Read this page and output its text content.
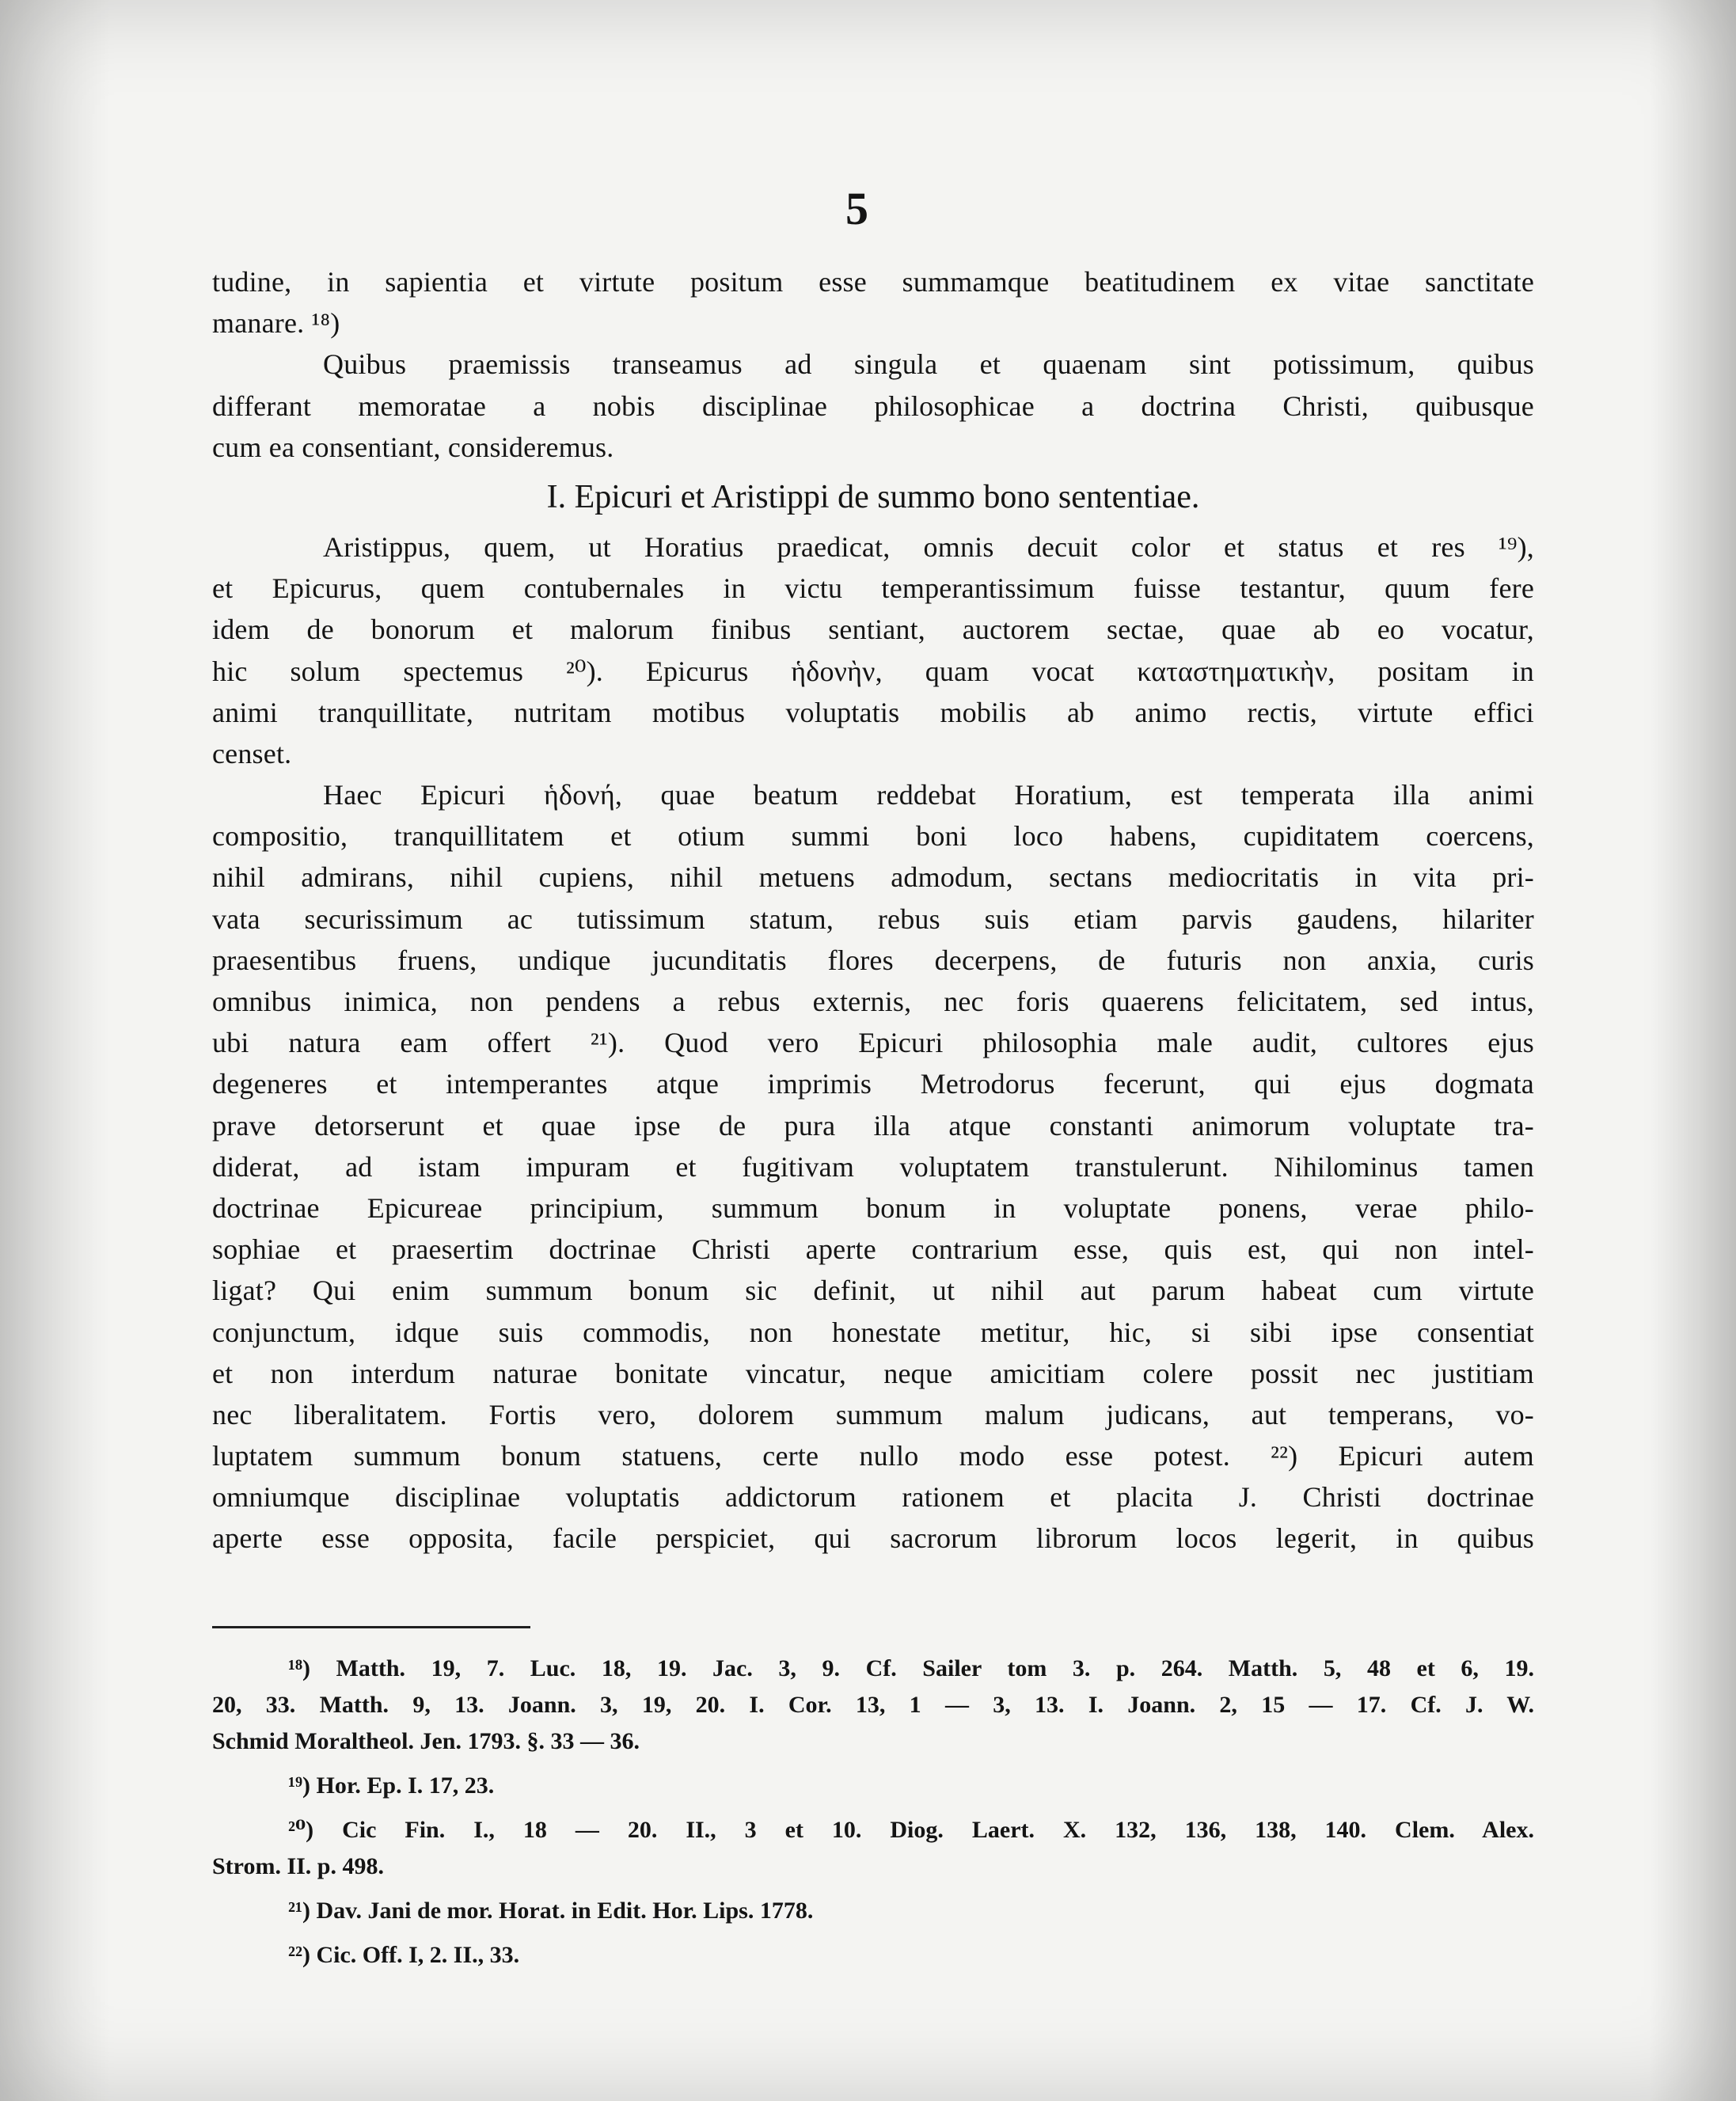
5
tudine, in sapientia et virtute positum esse summamque beatitudinem ex vitae sanctitate
manare. ¹⁸)
Quibus praemissis transeamus ad singula et quaenam sint potissimum, quibus
differant memoratae a nobis disciplinae philosophicae a doctrina Christi, quibusque
cum ea consentiant, consideremus.
I. Epicuri et Aristippi de summo bono sententiae.
Aristippus, quem, ut Horatius praedicat, omnis decuit color et status et res ¹⁹),
et Epicurus, quem contubernales in victu temperantissimum fuisse testantur, quum fere
idem de bonorum et malorum finibus sentiant, auctorem sectae, quae ab eo vocatur,
hic solum spectemus ²⁰). Epicurus ἡδονὴν, quam vocat καταστηματικὴν, positam in
animi tranquillitate, nutritam motibus voluptatis mobilis ab animo rectis, virtute effici
censet.
Haec Epicuri ἡδονή, quae beatum reddebat Horatium, est temperata illa animi
compositio, tranquillitatem et otium summi boni loco habens, cupiditatem coercens,
nihil admirans, nihil cupiens, nihil metuens admodum, sectans mediocritatis in vita pri-
vata securissimum ac tutissimum statum, rebus suis etiam parvis gaudens, hilariter
praesentibus fruens, undique jucunditatis flores decerpens, de futuris non anxia, curis
omnibus inimica, non pendens a rebus externis, nec foris quaerens felicitatem, sed intus,
ubi natura eam offert ²¹). Quod vero Epicuri philosophia male audit, cultores ejus
degeneres et intemperantes atque imprimis Metrodorus fecerunt, qui ejus dogmata
prave detorserunt et quae ipse de pura illa atque constanti animorum voluptate tra-
diderat, ad istam impuram et fugitivam voluptatem transtulerunt. Nihilominus tamen
doctrinae Epicureae principium, summum bonum in voluptate ponens, verae philo-
sophiae et praesertim doctrinae Christi aperte contrarium esse, quis est, qui non intel-
ligat? Qui enim summum bonum sic definit, ut nihil aut parum habeat cum virtute
conjunctum, idque suis commodis, non honestate metitur, hic, si sibi ipse consentiat
et non interdum naturae bonitate vincatur, neque amicitiam colere possit nec justitiam
nec liberalitatem. Fortis vero, dolorem summum malum judicans, aut temperans, vo-
luptatem summum bonum statuens, certe nullo modo esse potest. ²²) Epicuri autem
omniumque disciplinae voluptatis addictorum rationem et placita J. Christi doctrinae
aperte esse opposita, facile perspiciet, qui sacrorum librorum locos legerit, in quibus
¹⁸) Matth. 19, 7. Luc. 18, 19. Jac. 3, 9. Cf. Sailer tom 3. p. 264. Matth. 5, 48 et 6, 19.
20, 33. Matth. 9, 13. Joann. 3, 19, 20. I. Cor. 13, 1 — 3, 13. I. Joann. 2, 15 — 17. Cf. J. W.
Schmid Moraltheol. Jen. 1793. §. 33 — 36.
¹⁹) Hor. Ep. I. 17, 23.
²⁰) Cic Fin. I., 18 — 20. II., 3 et 10. Diog. Laert. X. 132, 136, 138, 140. Clem. Alex.
Strom. II. p. 498.
²¹) Dav. Jani de mor. Horat. in Edit. Hor. Lips. 1778.
²²) Cic. Off. I, 2. II., 33.
